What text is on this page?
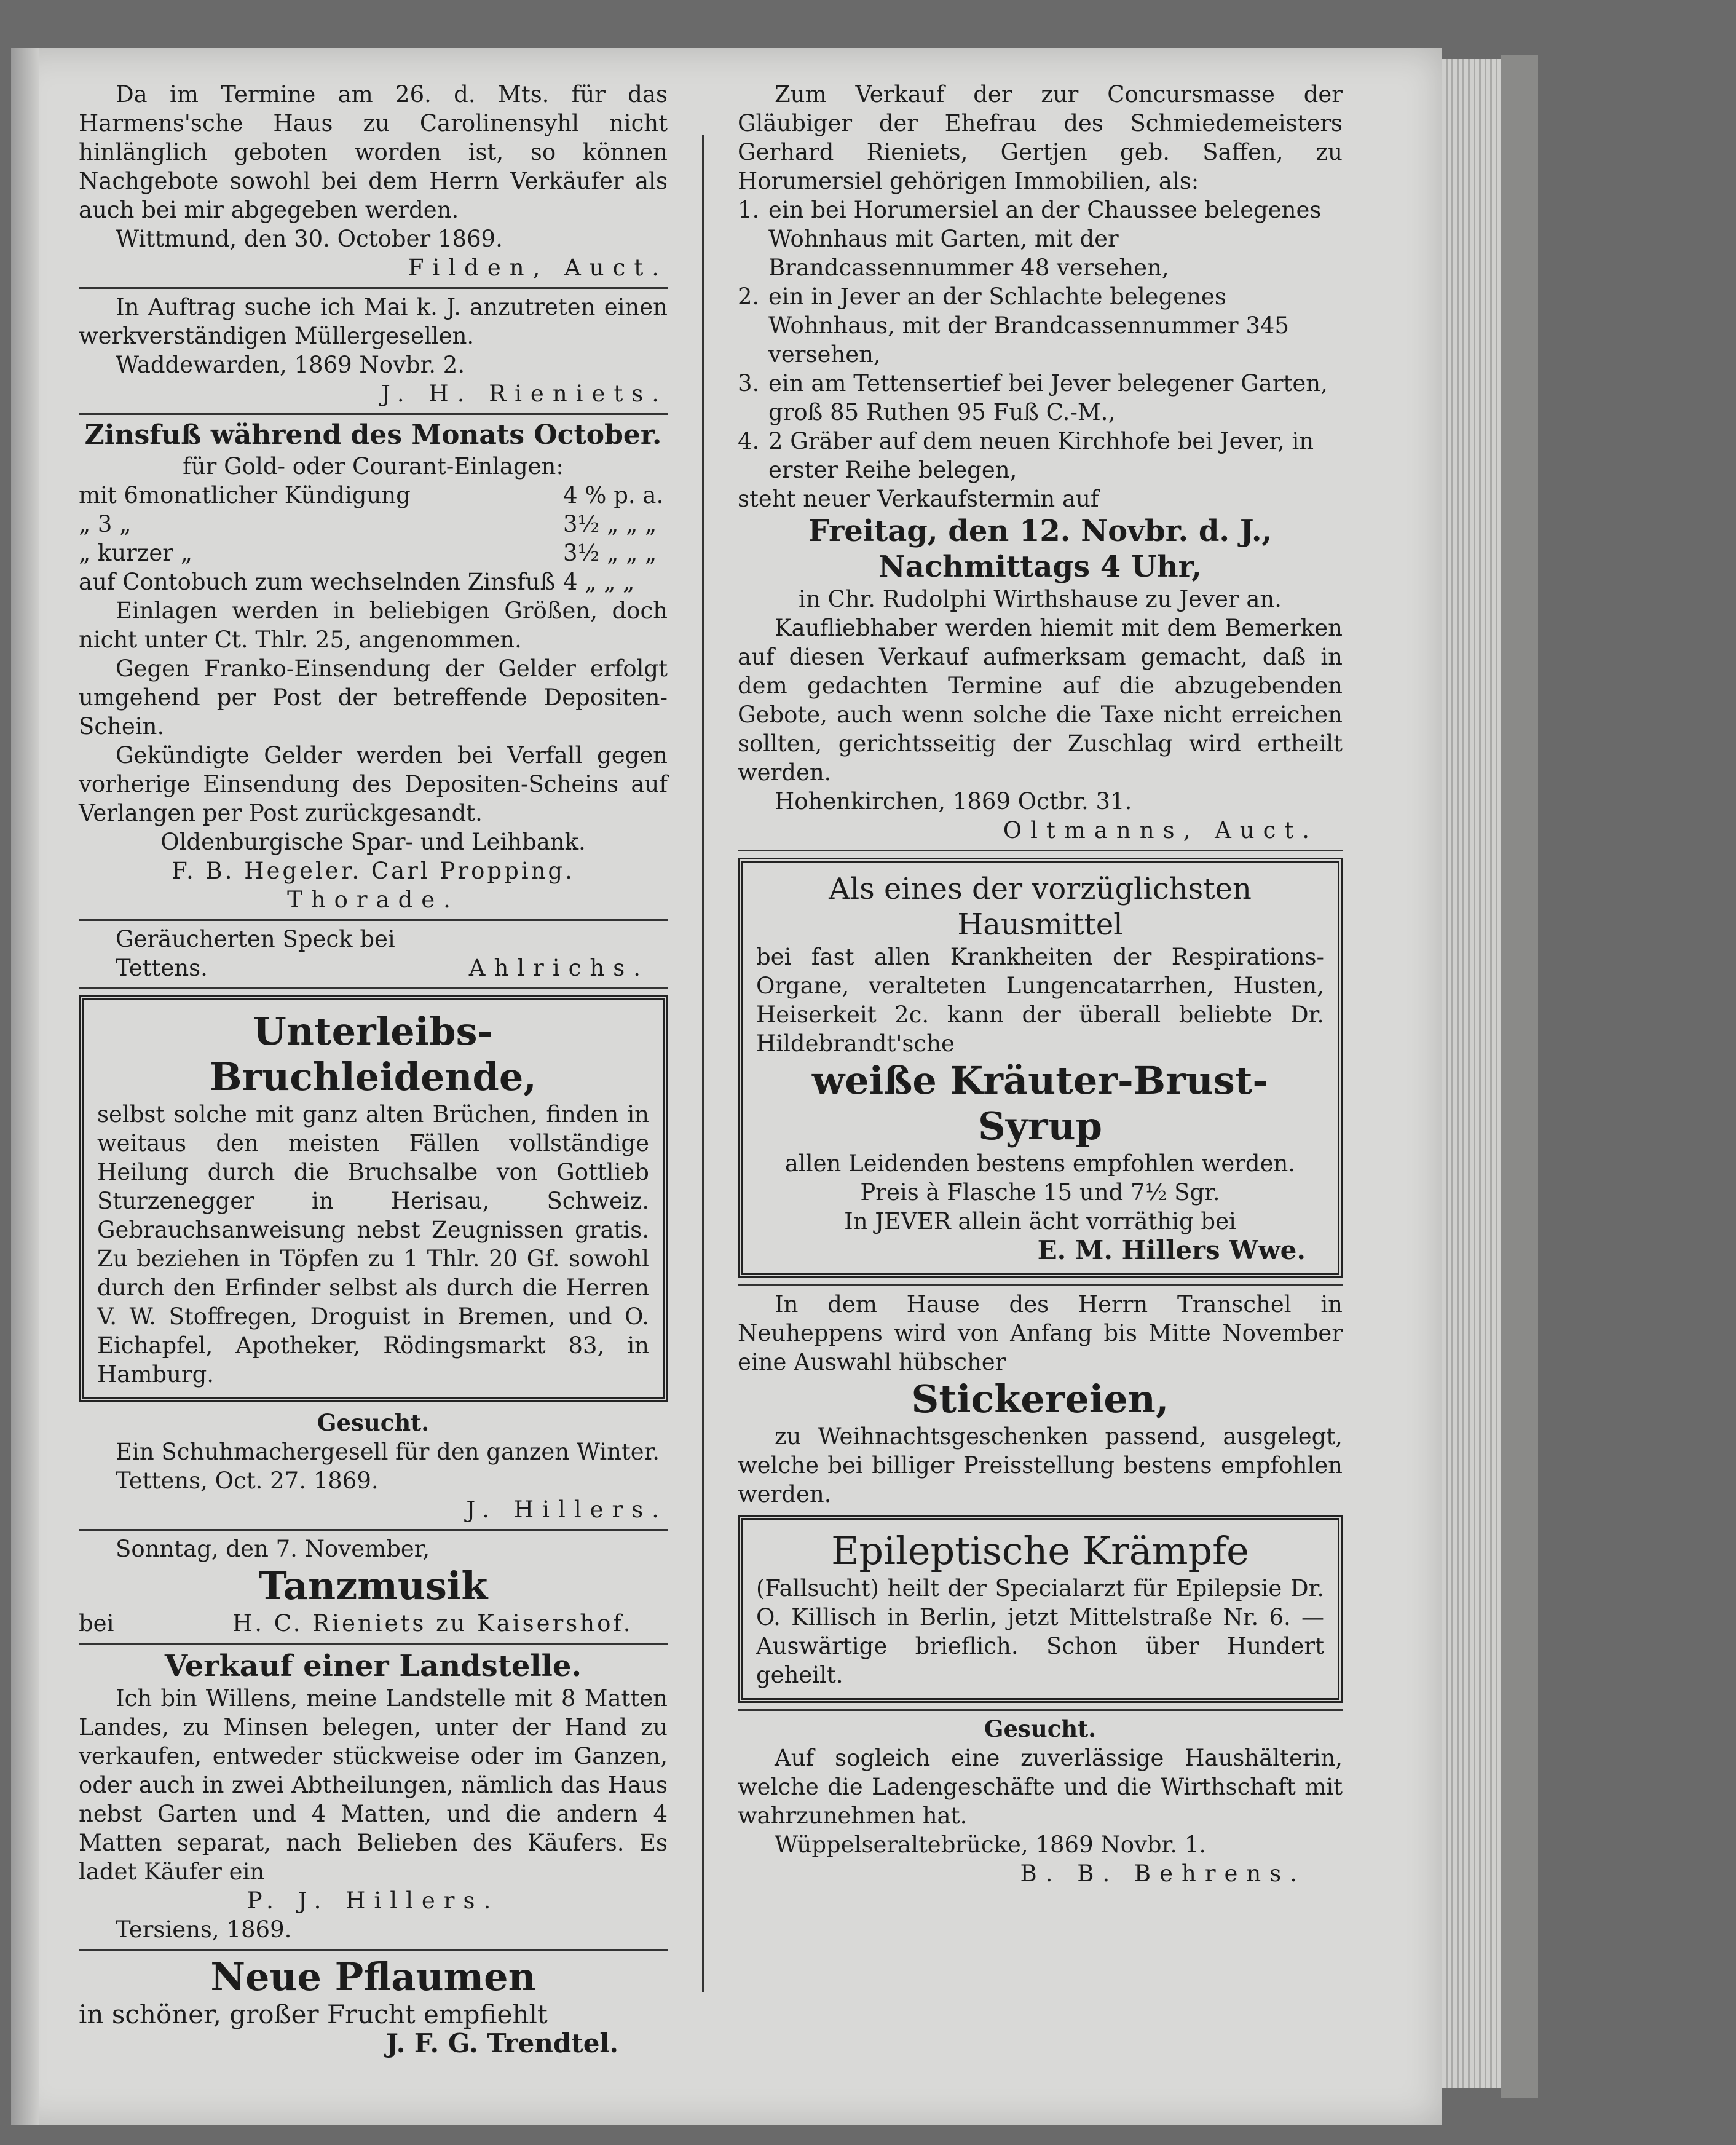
Da im Termine am 26. d. Mts. für das Harmens'sche Haus zu Carolinensyhl nicht hinlänglich geboten worden ist, so können Nachgebote sowohl bei dem Herrn Verkäufer als auch bei mir abgegeben werden.

Wittmund, den 30. October 1869.

Filden, Auct.

In Auftrag suche ich Mai k. J. anzutreten einen werkverständigen Müllergesellen.

Waddewarden, 1869 Novbr. 2.

J. H. Rieniets.

Zinsfuß während des Monats October.

für Gold- oder Courant-Einlagen:

mit 6monatlicher Kündigung	4 % p. a.
„ 3 „	3½ „ „ „
„ kurzer „	3½ „ „ „
auf Contobuch zum wechselnden Zinsfuß 4 „ „ „

Einlagen werden in beliebigen Größen, doch nicht unter Ct. Thlr. 25, angenommen.

Gegen Franko-Einsendung der Gelder erfolgt umgehend per Post der betreffende Depositen-Schein.

Gekündigte Gelder werden bei Verfall gegen vorherige Einsendung des Depositen-Scheins auf Verlangen per Post zurückgesandt.

Oldenburgische Spar- und Leihbank.

F. B. Hegeler. Carl Propping.

Thorade.

Geräucherten Speck bei

Tettens.	Ahlrichs.

Unterleibs-

Bruchleidende,

selbst solche mit ganz alten Brüchen, finden in weitaus den meisten Fällen vollständige Heilung durch die Bruchsalbe von Gottlieb Sturzenegger in Herisau, Schweiz. Gebrauchsanweisung nebst Zeugnissen gratis. Zu beziehen in Töpfen zu 1 Thlr. 20 Gf. sowohl durch den Erfinder selbst als durch die Herren V. W. Stoffregen, Droguist in Bremen, und O. Eichapfel, Apotheker, Rödingsmarkt 83, in Hamburg.

Gesucht.

Ein Schuhmachergesell für den ganzen Winter.

Tettens, Oct. 27. 1869.

J. Hillers.

Sonntag, den 7. November,

Tanzmusik

bei	H. C. Rieniets zu Kaisershof.

Verkauf einer Landstelle.

Ich bin Willens, meine Landstelle mit 8 Matten Landes, zu Minsen belegen, unter der Hand zu verkaufen, entweder stückweise oder im Ganzen, oder auch in zwei Abtheilungen, nämlich das Haus nebst Garten und 4 Matten, und die andern 4 Matten separat, nach Belieben des Käufers. Es ladet Käufer ein

P. J. Hillers.

Tersiens, 1869.

Neue Pflaumen

in schöner, großer Frucht empfiehlt

J. F. G. Trendtel.

Zum Verkauf der zur Concursmasse der Gläubiger der Ehefrau des Schmiedemeisters Gerhard Rieniets, Gertjen geb. Saffen, zu Horumersiel gehörigen Immobilien, als:

1. ein bei Horumersiel an der Chaussee belegenes Wohnhaus mit Garten, mit der Brandcassennummer 48 versehen,
2. ein in Jever an der Schlachte belegenes Wohnhaus, mit der Brandcassennummer 345 versehen,
3. ein am Tettensertief bei Jever belegener Garten, groß 85 Ruthen 95 Fuß C.-M.,
4. 2 Gräber auf dem neuen Kirchhofe bei Jever, in erster Reihe belegen,

steht neuer Verkaufstermin auf

Freitag, den 12. Novbr. d. J.,

Nachmittags 4 Uhr,

in Chr. Rudolphi Wirthshause zu Jever an.

Kaufliebhaber werden hiemit mit dem Bemerken auf diesen Verkauf aufmerksam gemacht, daß in dem gedachten Termine auf die abzugebenden Gebote, auch wenn solche die Taxe nicht erreichen sollten, gerichtsseitig der Zuschlag wird ertheilt werden.

Hohenkirchen, 1869 Octbr. 31.

Oltmanns, Auct.

Als eines der vorzüglichsten

Hausmittel

bei fast allen Krankheiten der Respirations-Organe, veralteten Lungencatarrhen, Husten, Heiserkeit 2c. kann der überall beliebte Dr. Hildebrandt'sche

weiße Kräuter-Brust-

Syrup

allen Leidenden bestens empfohlen werden.

Preis à Flasche 15 und 7½ Sgr.

In JEVER allein ächt vorräthig bei

E. M. Hillers Wwe.

In dem Hause des Herrn Transchel in Neuheppens wird von Anfang bis Mitte November eine Auswahl hübscher

Stickereien,

zu Weihnachtsgeschenken passend, ausgelegt, welche bei billiger Preisstellung bestens empfohlen werden.

Epileptische Krämpfe

(Fallsucht) heilt der Specialarzt für Epilepsie Dr. O. Killisch in Berlin, jetzt Mittelstraße Nr. 6. — Auswärtige brieflich. Schon über Hundert geheilt.

Gesucht.

Auf sogleich eine zuverlässige Haushälterin, welche die Ladengeschäfte und die Wirthschaft mit wahrzunehmen hat.

Wüppelseraltebrücke, 1869 Novbr. 1.

B. B. Behrens.
